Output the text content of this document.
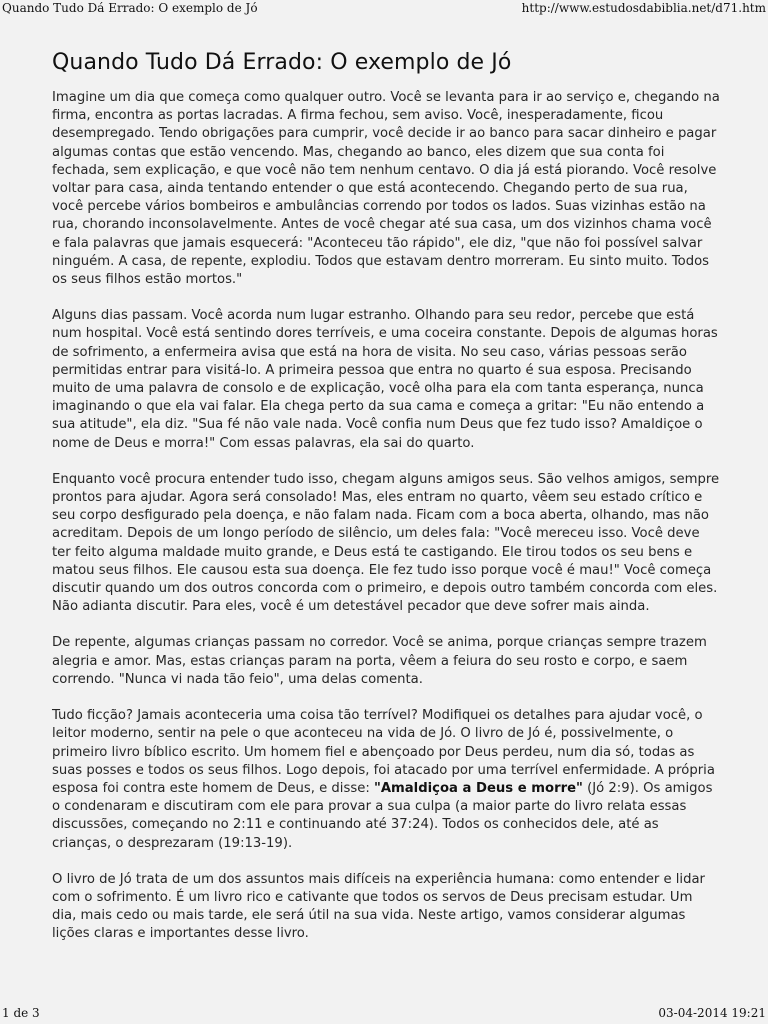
Quando Tudo Dá Errado: O exemplo de Jó	http://www.estudosdabiblia.net/d71.htm
Quando Tudo Dá Errado: O exemplo de Jó

Imagine um dia que começa como qualquer outro. Você se levanta para ir ao serviço e, chegando na firma, encontra as portas lacradas. A firma fechou, sem aviso. Você, inesperadamente, ficou desempregado. Tendo obrigações para cumprir, você decide ir ao banco para sacar dinheiro e pagar algumas contas que estão vencendo. Mas, chegando ao banco, eles dizem que sua conta foi fechada, sem explicação, e que você não tem nenhum centavo. O dia já está piorando. Você resolve voltar para casa, ainda tentando entender o que está acontecendo. Chegando perto de sua rua, você percebe vários bombeiros e ambulâncias correndo por todos os lados. Suas vizinhas estão na rua, chorando inconsolavelmente. Antes de você chegar até sua casa, um dos vizinhos chama você e fala palavras que jamais esquecerá: "Aconteceu tão rápido", ele diz, "que não foi possível salvar ninguém. A casa, de repente, explodiu. Todos que estavam dentro morreram. Eu sinto muito. Todos os seus filhos estão mortos."

Alguns dias passam. Você acorda num lugar estranho. Olhando para seu redor, percebe que está num hospital. Você está sentindo dores terríveis, e uma coceira constante. Depois de algumas horas de sofrimento, a enfermeira avisa que está na hora de visita. No seu caso, várias pessoas serão permitidas entrar para visitá-lo. A primeira pessoa que entra no quarto é sua esposa. Precisando muito de uma palavra de consolo e de explicação, você olha para ela com tanta esperança, nunca imaginando o que ela vai falar. Ela chega perto da sua cama e começa a gritar: "Eu não entendo a sua atitude", ela diz. "Sua fé não vale nada. Você confia num Deus que fez tudo isso? Amaldiçoe o nome de Deus e morra!" Com essas palavras, ela sai do quarto.

Enquanto você procura entender tudo isso, chegam alguns amigos seus. São velhos amigos, sempre prontos para ajudar. Agora será consolado! Mas, eles entram no quarto, vêem seu estado crítico e seu corpo desfigurado pela doença, e não falam nada. Ficam com a boca aberta, olhando, mas não acreditam. Depois de um longo período de silêncio, um deles fala: "Você mereceu isso. Você deve ter feito alguma maldade muito grande, e Deus está te castigando. Ele tirou todos os seu bens e matou seus filhos. Ele causou esta sua doença. Ele fez tudo isso porque você é mau!" Você começa discutir quando um dos outros concorda com o primeiro, e depois outro também concorda com eles. Não adianta discutir. Para eles, você é um detestável pecador que deve sofrer mais ainda.

De repente, algumas crianças passam no corredor. Você se anima, porque crianças sempre trazem alegria e amor. Mas, estas crianças param na porta, vêem a feiura do seu rosto e corpo, e saem correndo. "Nunca vi nada tão feio", uma delas comenta.

Tudo ficção? Jamais aconteceria uma coisa tão terrível? Modifiquei os detalhes para ajudar você, o leitor moderno, sentir na pele o que aconteceu na vida de Jó. O livro de Jó é, possivelmente, o primeiro livro bíblico escrito. Um homem fiel e abençoado por Deus perdeu, num dia só, todas as suas posses e todos os seus filhos. Logo depois, foi atacado por uma terrível enfermidade. A própria esposa foi contra este homem de Deus, e disse: "Amaldiçoa a Deus e morre" (Jó 2:9). Os amigos o condenaram e discutiram com ele para provar a sua culpa (a maior parte do livro relata essas discussões, começando no 2:11 e continuando até 37:24). Todos os conhecidos dele, até as crianças, o desprezaram (19:13-19).

O livro de Jó trata de um dos assuntos mais difíceis na experiência humana: como entender e lidar com o sofrimento. É um livro rico e cativante que todos os servos de Deus precisam estudar. Um dia, mais cedo ou mais tarde, ele será útil na sua vida. Neste artigo, vamos considerar algumas lições claras e importantes desse livro.

1 de 3	03-04-2014 19:21
